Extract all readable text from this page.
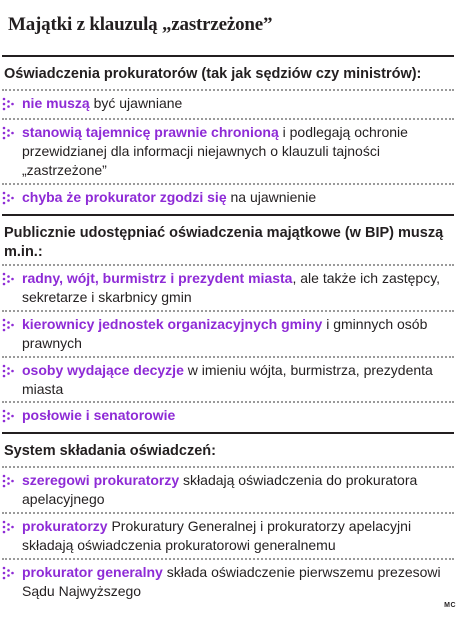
Majątki z klauzulą „zastrzeżone”

Oświadczenia prokuratorów (tak jak sędziów czy ministrów):

nie muszą być ujawniane
stanowią tajemnicę prawnie chronioną i podlegają ochronie przewidzianej dla informacji niejawnych o klauzuli tajności „zastrzeżone”
chyba że prokurator zgodzi się na ujawnienie

Publicznie udostępniać oświadczenia majątkowe (w BIP) muszą m.in.:

radny, wójt, burmistrz i prezydent miasta, ale także ich zastępcy, sekretarze i skarbnicy gmin
kierownicy jednostek organizacyjnych gminy i gminnych osób prawnych
osoby wydające decyzje w imieniu wójta, burmistrza, prezydenta miasta
posłowie i senatorowie

System składania oświadczeń:

szeregowi prokuratorzy składają oświadczenia do prokuratora apelacyjnego
prokuratorzy Prokuratury Generalnej i prokuratorzy apelacyjni składają oświadczenia prokuratorowi generalnemu
prokurator generalny składa oświadczenie pierwszemu prezesowi Sądu Najwyższego
MC
